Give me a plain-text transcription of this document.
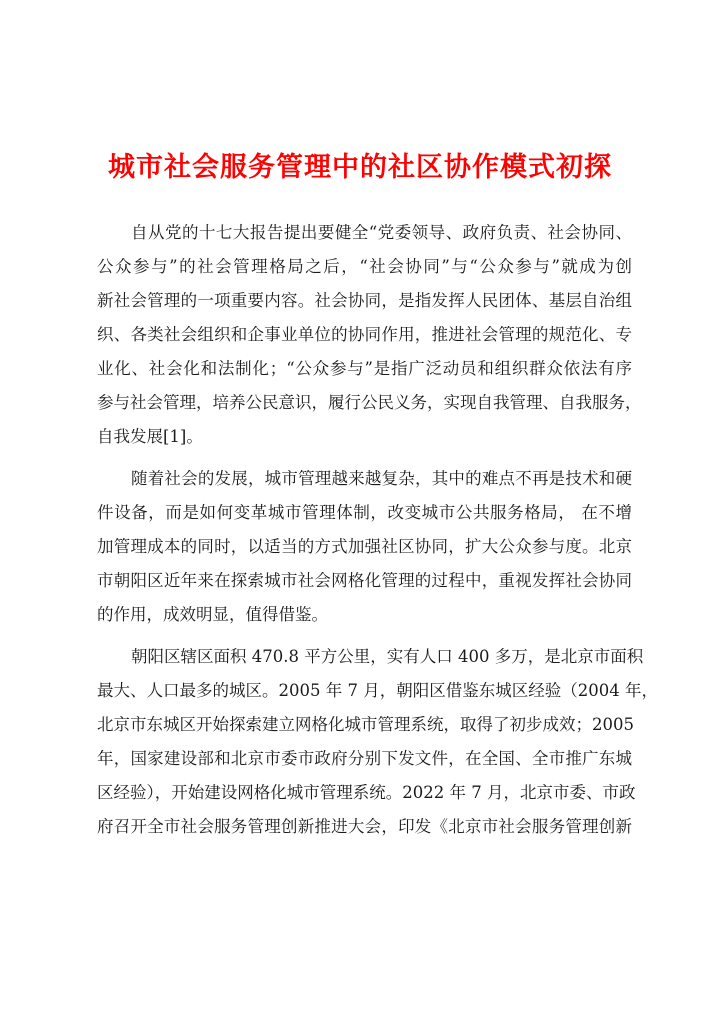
城市社会服务管理中的社区协作模式初探
自从党的十七大报告提出要健全“党委领导、政府负责、社会协同、
公众参与”的社会管理格局之后，“社会协同”与“公众参与”就成为创
新社会管理的一项重要内容。社会协同，是指发挥人民团体、基层自治组
织、各类社会组织和企事业单位的协同作用，推进社会管理的规范化、专
业化、社会化和法制化；“公众参与”是指广泛动员和组织群众依法有序
参与社会管理，培养公民意识，履行公民义务，实现自我管理、自我服务，
自我发展[1]。
随着社会的发展，城市管理越来越复杂，其中的难点不再是技术和硬
件设备，而是如何变革城市管理体制，改变城市公共服务格局， 在不增
加管理成本的同时，以适当的方式加强社区协同，扩大公众参与度。北京
市朝阳区近年来在探索城市社会网格化管理的过程中，重视发挥社会协同
的作用，成效明显，值得借鉴。
朝阳区辖区面积 470.8 平方公里，实有人口 400 多万，是北京市面积
最大、人口最多的城区。2005 年 7 月，朝阳区借鉴东城区经验（2004 年，
北京市东城区开始探索建立网格化城市管理系统，取得了初步成效；2005
年，国家建设部和北京市委市政府分别下发文件，在全国、全市推广东城
区经验），开始建设网格化城市管理系统。2022 年 7 月，北京市委、市政
府召开全市社会服务管理创新推进大会，印发《北京市社会服务管理创新
